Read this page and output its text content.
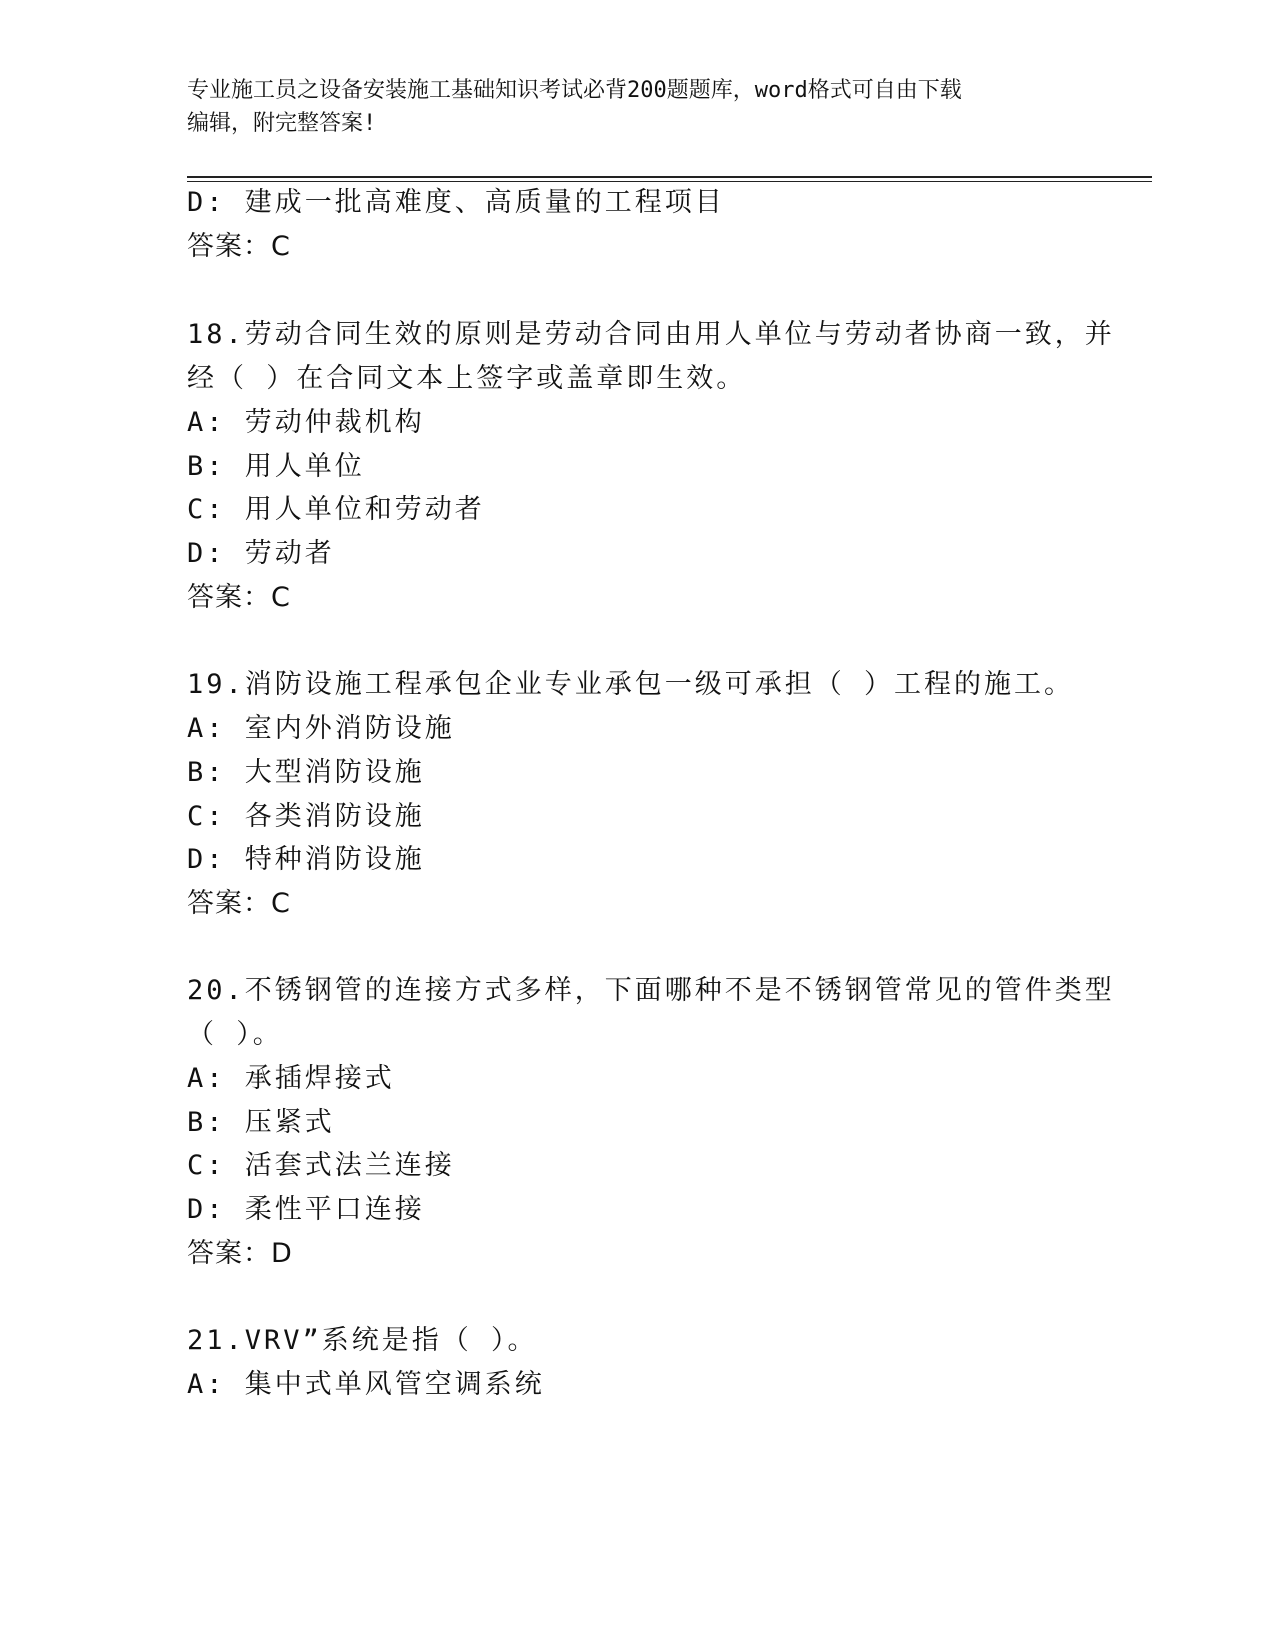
专业施工员之设备安装施工基础知识考试必背200题题库，word格式可自由下载
编辑，附完整答案!
D: 建成一批高难度、高质量的工程项目
答案：C
18.劳动合同生效的原则是劳动合同由用人单位与劳动者协商一致，并
经（ ）在合同文本上签字或盖章即生效。
A: 劳动仲裁机构
B: 用人单位
C: 用人单位和劳动者
D: 劳动者
答案：C
19.消防设施工程承包企业专业承包一级可承担（ ）工程的施工。
A: 室内外消防设施
B: 大型消防设施
C: 各类消防设施
D: 特种消防设施
答案：C
20.不锈钢管的连接方式多样，下面哪种不是不锈钢管常见的管件类型
（ ）。
A: 承插焊接式
B: 压紧式
C: 活套式法兰连接
D: 柔性平口连接
答案：D
21.VRV”系统是指（ ）。
A: 集中式单风管空调系统
